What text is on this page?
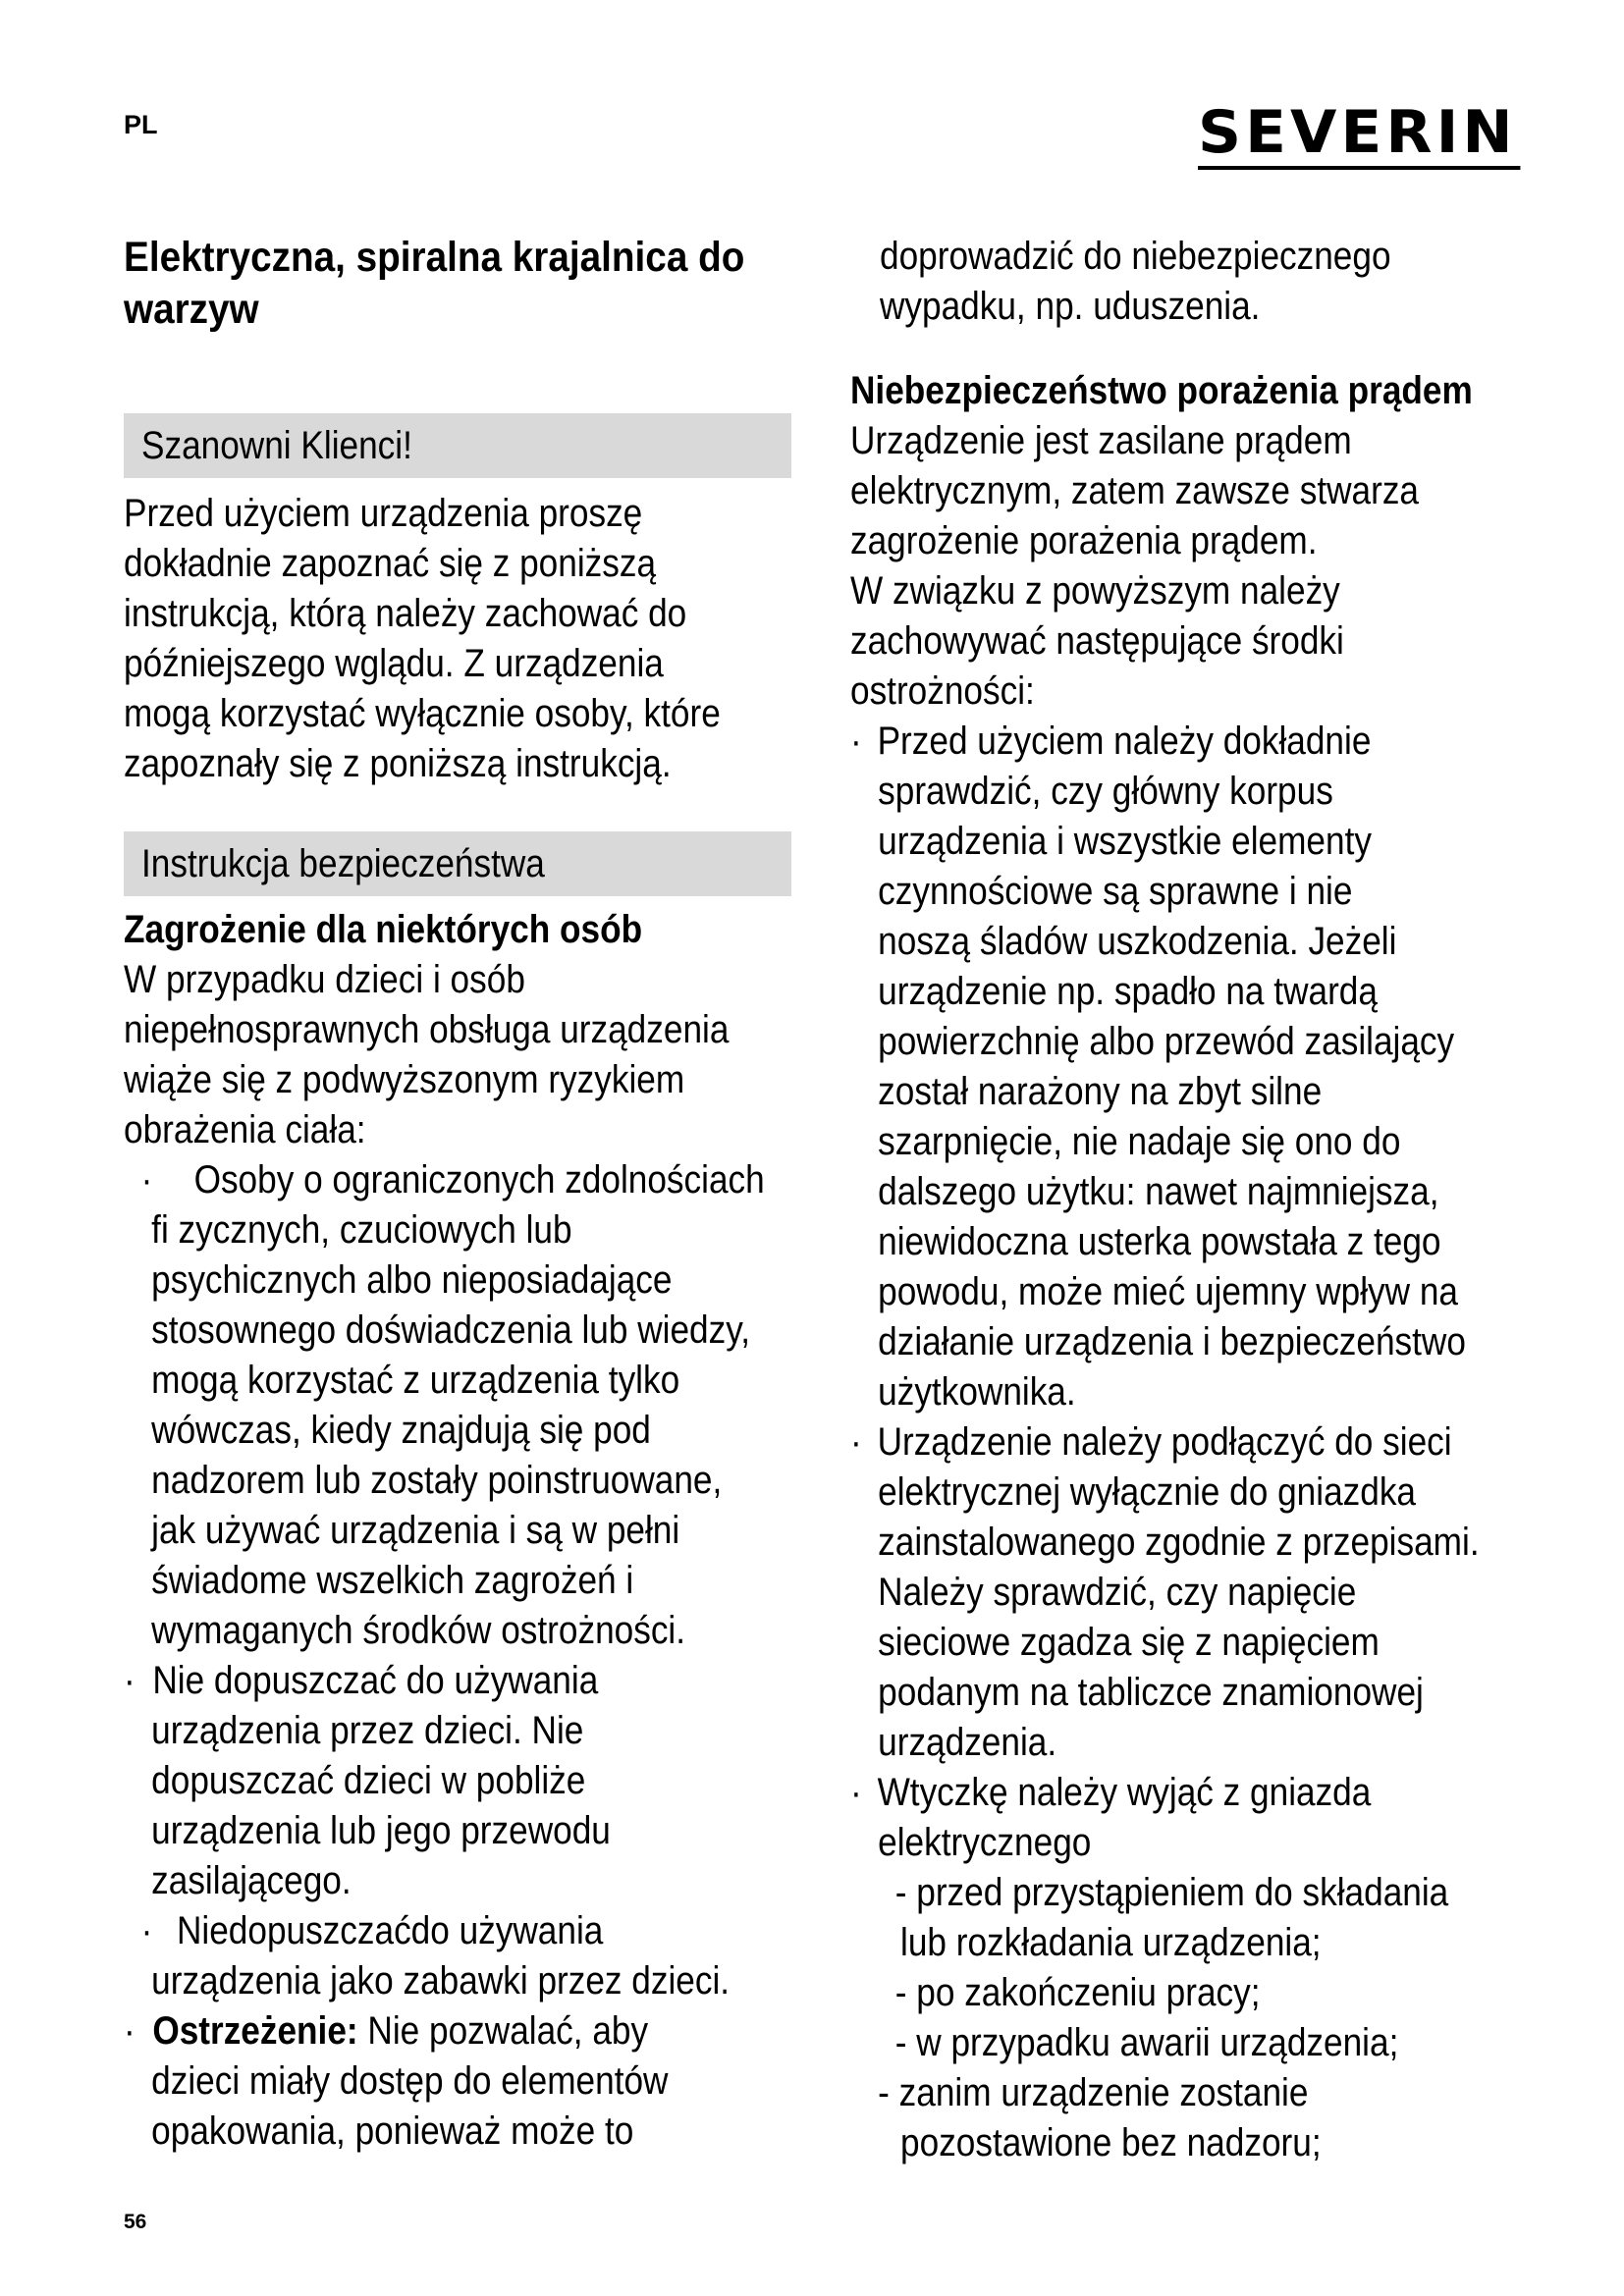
PL	SEVERIN
Elektryczna, spiralna krajalnica do
warzyw
Szanowni Klienci!
Przed użyciem urządzenia proszę
dokładnie zapoznać się z poniższą
instrukcją, którą należy zachować do
późniejszego wglądu. Z urządzenia
mogą korzystać wyłącznie osoby, które
zapoznały się z poniższą instrukcją.
Instrukcja bezpieczeństwa
Zagrożenie dla niektórych osób
W przypadku dzieci i osób
niepełnosprawnych obsługa urządzenia
wiąże się z podwyższonym ryzykiem
obrażenia ciała:
· Osoby o ograniczonych zdolnościach
fi zycznych, czuciowych lub
psychicznych albo nieposiadające
stosownego doświadczenia lub wiedzy,
mogą korzystać z urządzenia tylko
wówczas, kiedy znajdują się pod
nadzorem lub zostały poinstruowane,
jak używać urządzenia i są w pełni
świadome wszelkich zagrożeń i
wymaganych środków ostrożności.
· Nie dopuszczać do używania
urządzenia przez dzieci. Nie
dopuszczać dzieci w pobliże
urządzenia lub jego przewodu
zasilającego.
· Niedopuszczaćdo używania
urządzenia jako zabawki przez dzieci.
· Ostrzeżenie: Nie pozwalać, aby
dzieci miały dostęp do elementów
opakowania, ponieważ może to
doprowadzić do niebezpiecznego
wypadku, np. uduszenia.
Niebezpieczeństwo porażenia prądem
Urządzenie jest zasilane prądem
elektrycznym, zatem zawsze stwarza
zagrożenie porażenia prądem.
W związku z powyższym należy
zachowywać następujące środki
ostrożności:
· Przed użyciem należy dokładnie
sprawdzić, czy główny korpus
urządzenia i wszystkie elementy
czynnościowe są sprawne i nie
noszą śladów uszkodzenia. Jeżeli
urządzenie np. spadło na twardą
powierzchnię albo przewód zasilający
został narażony na zbyt silne
szarpnięcie, nie nadaje się ono do
dalszego użytku: nawet najmniejsza,
niewidoczna usterka powstała z tego
powodu, może mieć ujemny wpływ na
działanie urządzenia i bezpieczeństwo
użytkownika.
· Urządzenie należy podłączyć do sieci
elektrycznej wyłącznie do gniazdka
zainstalowanego zgodnie z przepisami.
Należy sprawdzić, czy napięcie
sieciowe zgadza się z napięciem
podanym na tabliczce znamionowej
urządzenia.
· Wtyczkę należy wyjąć z gniazda
elektrycznego
- przed przystąpieniem do składania
lub rozkładania urządzenia;
- po zakończeniu pracy;
- w przypadku awarii urządzenia;
- zanim urządzenie zostanie
pozostawione bez nadzoru;
56
